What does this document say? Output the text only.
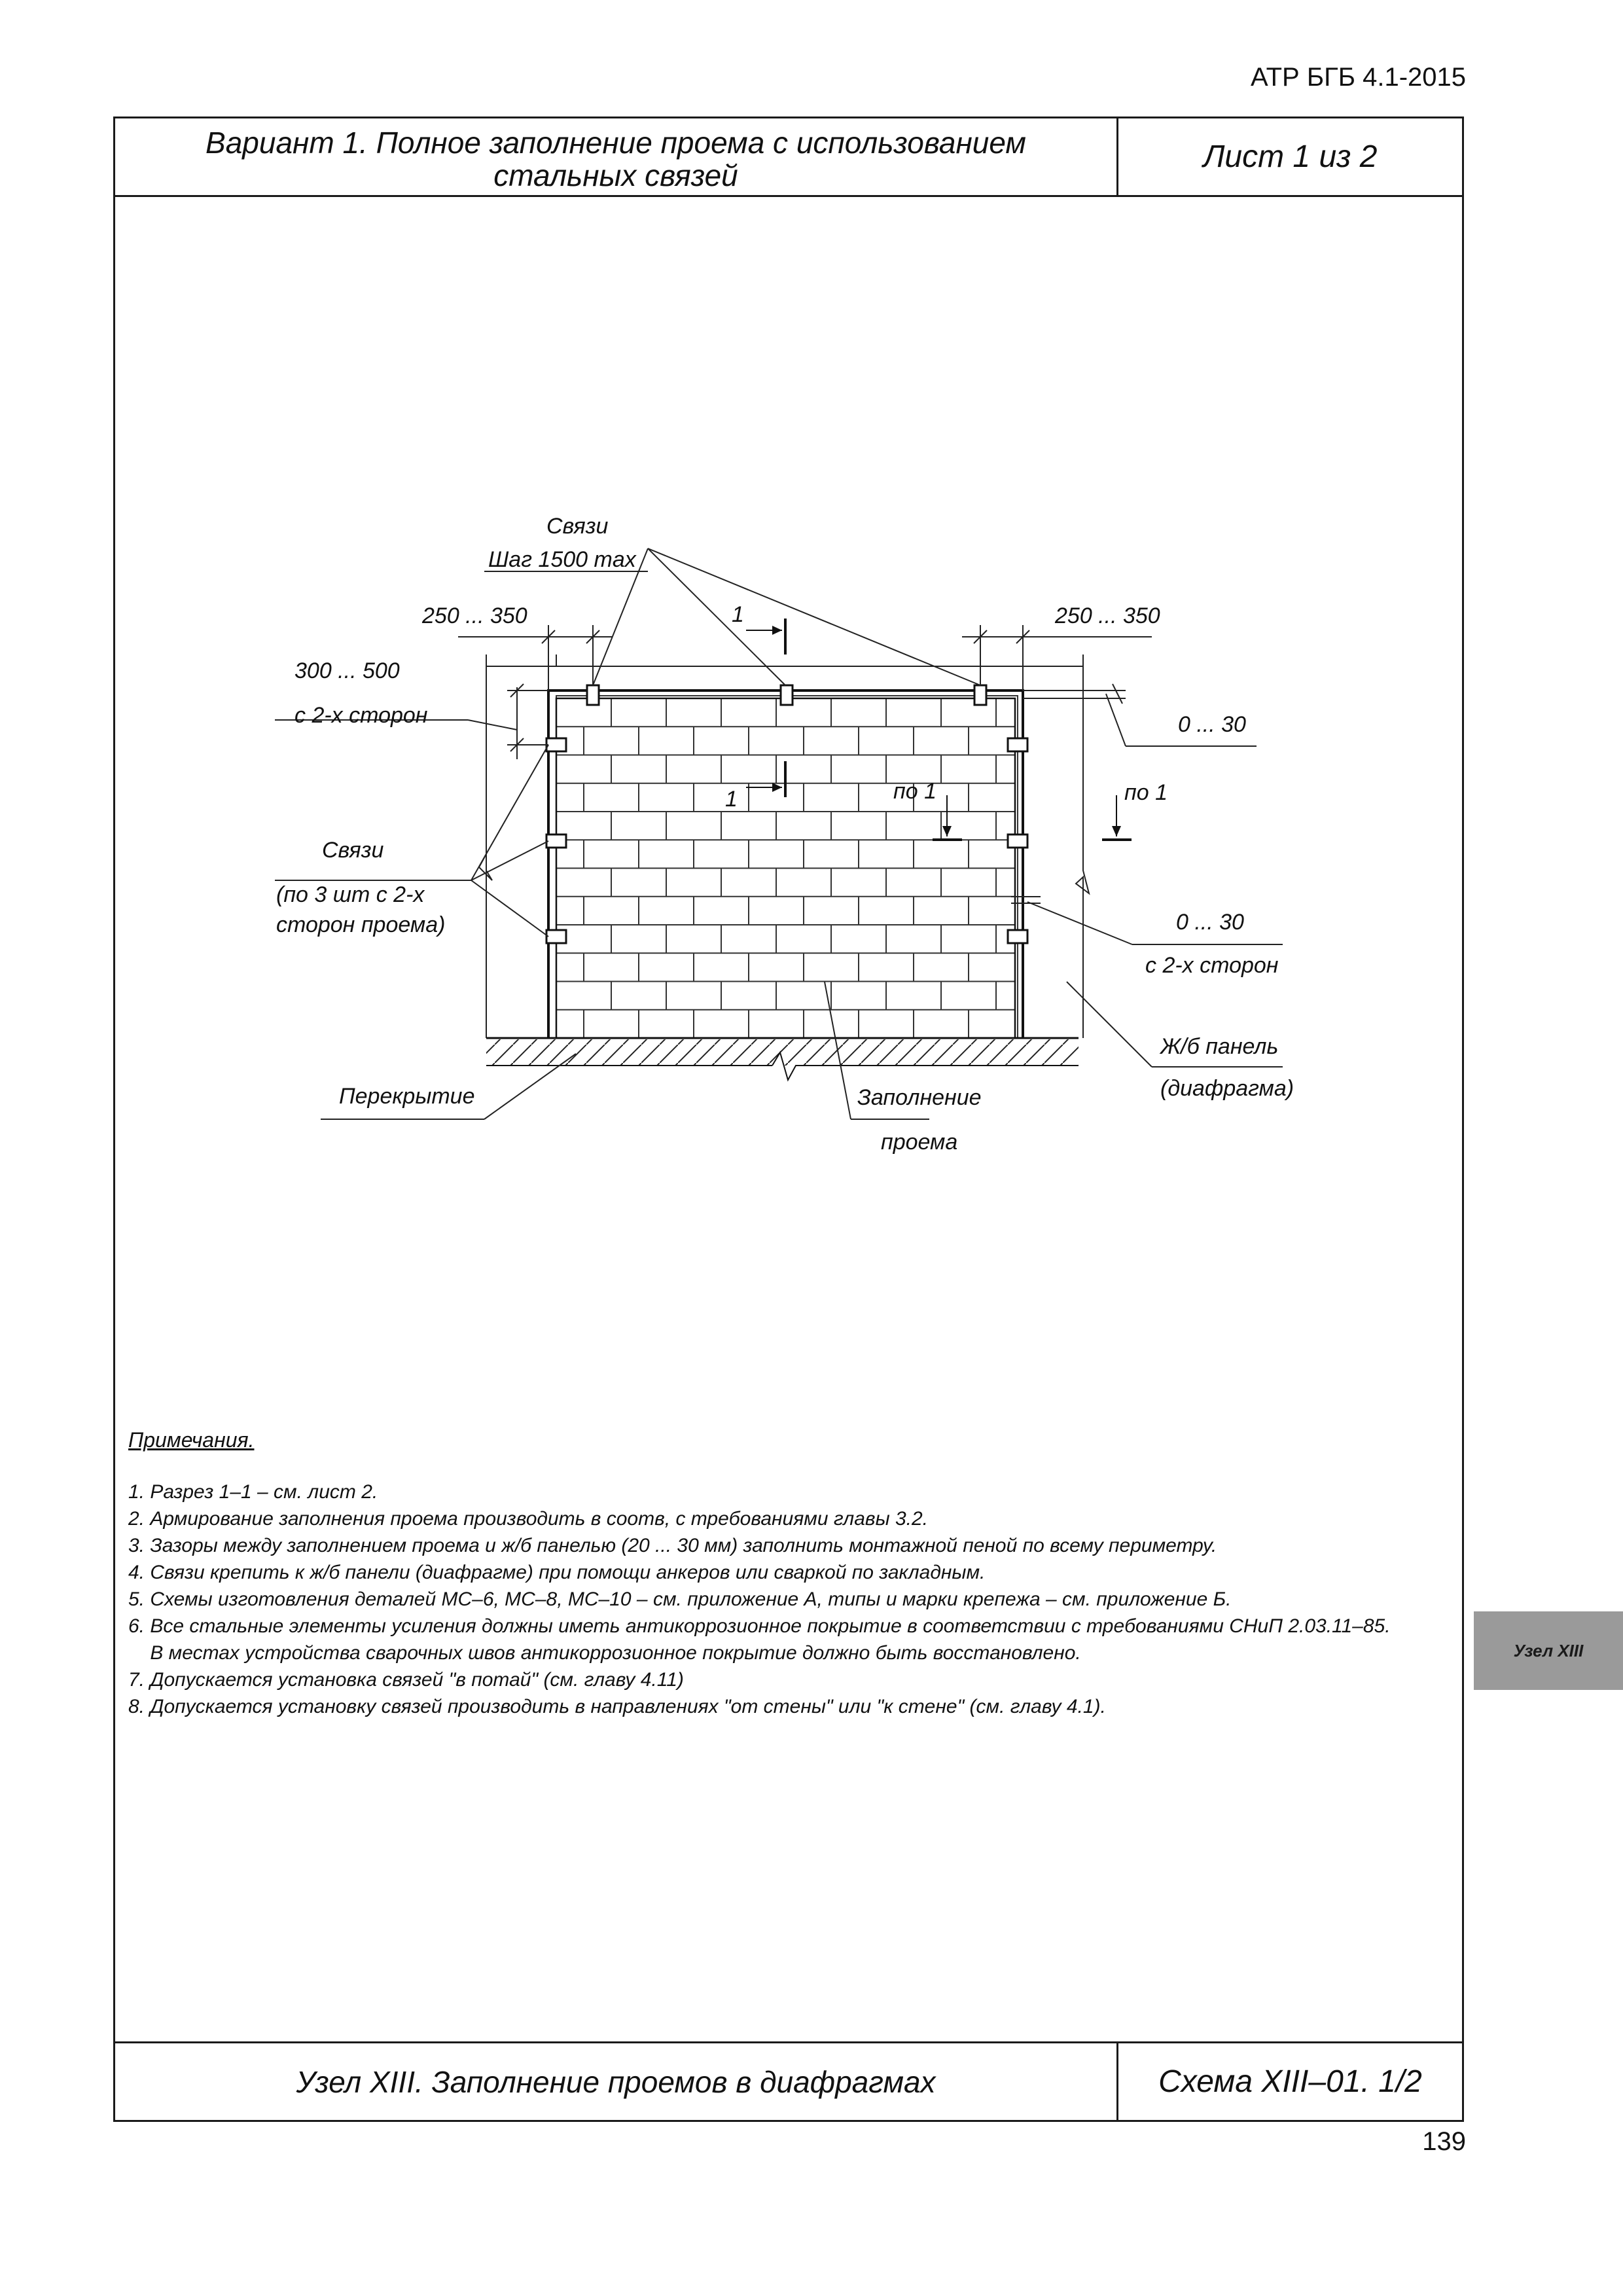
АТР БГБ 4.1-2015
Вариант 1. Полное заполнение проема с использованием
стальных связей
Лист 1 из 2
Узел XIII. Заполнение проемов в диафрагмах	Схема XIII–01. 1/2
Связи
Шаг 1500 max
250 ... 350	250 ... 350
300 ... 500
с 2-х сторон
1
1
0 ... 30
по 1	по 1
Связи
(по 3 шт с 2-х
сторон проема)	0 ... 30
с 2-х сторон
Ж/б панель
(диафрагма)
Перекрытие	Заполнение
проема
Примечания.
1. Разрез 1–1 – см. лист 2.
2. Армирование заполнения проема производить в соотв, с требованиями главы 3.2.
3. Зазоры между заполнением проема и ж/б панелью (20 ... 30 мм) заполнить монтажной пеной по всему периметру.
4. Связи крепить к ж/б панели (диафрагме) при помощи анкеров или сваркой по закладным.
5. Схемы изготовления деталей МС–6, МС–8, МС–10 – см. приложение А, типы и марки крепежа – см. приложение Б.
6. Все стальные элементы усиления должны иметь антикоррозионное покрытие в соответствии с требованиями СНиП 2.03.11–85.
В местах устройства сварочных швов антикоррозионное покрытие должно быть восстановлено.
7. Допускается установка связей "в потай" (см. главу 4.11)
8. Допускается установку связей производить в направлениях "от стены" или "к стене" (см. главу 4.1).
Узел XIII
139
